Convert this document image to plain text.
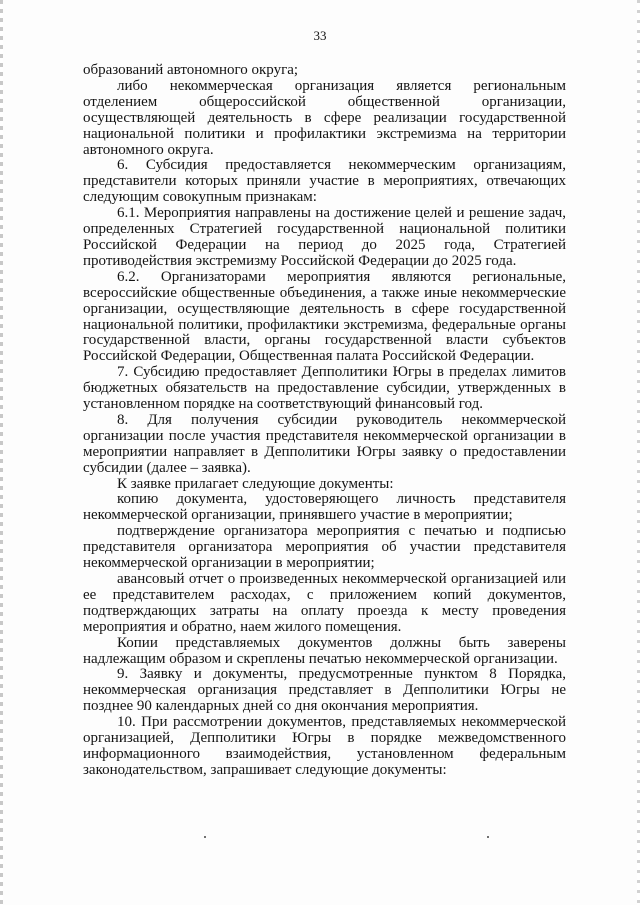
33

образований автономного округа;

либо некоммерческая организация является региональным отделением общероссийской общественной организации, осуществляющей деятельность в сфере реализации государственной национальной политики и профилактики экстремизма на территории автономного округа.

6. Субсидия предоставляется некоммерческим организациям, представители которых приняли участие в мероприятиях, отвечающих следующим совокупным признакам:

6.1. Мероприятия направлены на достижение целей и решение задач, определенных Стратегией государственной национальной политики Российской Федерации на период до 2025 года, Стратегией противодействия экстремизму Российской Федерации до 2025 года.

6.2. Организаторами мероприятия являются региональные, всероссийские общественные объединения, а также иные некоммерческие организации, осуществляющие деятельность в сфере государственной национальной политики, профилактики экстремизма, федеральные органы государственной власти, органы государственной власти субъектов Российской Федерации, Общественная палата Российской Федерации.

7. Субсидию предоставляет Депполитики Югры в пределах лимитов бюджетных обязательств на предоставление субсидии, утвержденных в установленном порядке на соответствующий финансовый год.

8. Для получения субсидии руководитель некоммерческой организации после участия представителя некоммерческой организации в мероприятии направляет в Депполитики Югры заявку о предоставлении субсидии (далее – заявка).

К заявке прилагает следующие документы:

копию документа, удостоверяющего личность представителя некоммерческой организации, принявшего участие в мероприятии;

подтверждение организатора мероприятия с печатью и подписью представителя организатора мероприятия об участии представителя некоммерческой организации в мероприятии;

авансовый отчет о произведенных некоммерческой организацией или ее представителем расходах, с приложением копий документов, подтверждающих затраты на оплату проезда к месту проведения мероприятия и обратно, наем жилого помещения.

Копии представляемых документов должны быть заверены надлежащим образом и скреплены печатью некоммерческой организации.

9. Заявку и документы, предусмотренные пунктом 8 Порядка, некоммерческая организация представляет в Депполитики Югры не позднее 90 календарных дней со дня окончания мероприятия.

10. При рассмотрении документов, представляемых некоммерческой организацией, Депполитики Югры в порядке межведомственного информационного взаимодействия, установленном федеральным законодательством, запрашивает следующие документы:
